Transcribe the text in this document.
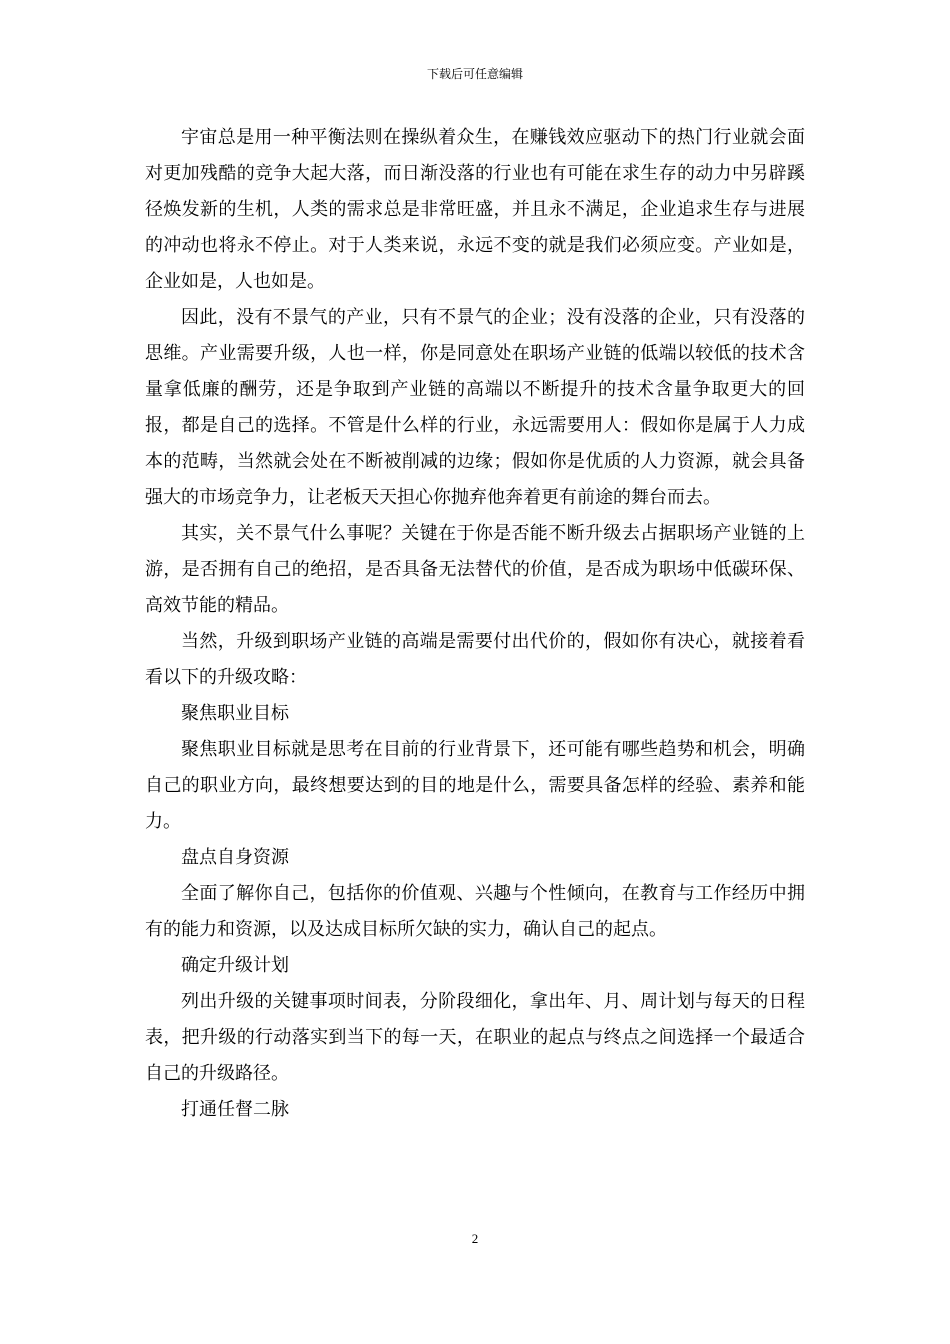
下载后可任意编辑

宇宙总是用一种平衡法则在操纵着众生，在赚钱效应驱动下的热门行业就会面对更加残酷的竞争大起大落，而日渐没落的行业也有可能在求生存的动力中另辟蹊径焕发新的生机，人类的需求总是非常旺盛，并且永不满足，企业追求生存与进展的冲动也将永不停止。对于人类来说，永远不变的就是我们必须应变。产业如是，企业如是，人也如是。

因此，没有不景气的产业，只有不景气的企业；没有没落的企业，只有没落的思维。产业需要升级，人也一样，你是同意处在职场产业链的低端以较低的技术含量拿低廉的酬劳，还是争取到产业链的高端以不断提升的技术含量争取更大的回报，都是自己的选择。不管是什么样的行业，永远需要用人：假如你是属于人力成本的范畴，当然就会处在不断被削减的边缘；假如你是优质的人力资源，就会具备强大的市场竞争力，让老板天天担心你抛弃他奔着更有前途的舞台而去。

其实，关不景气什么事呢？关键在于你是否能不断升级去占据职场产业链的上游，是否拥有自己的绝招，是否具备无法替代的价值，是否成为职场中低碳环保、高效节能的精品。

当然，升级到职场产业链的高端是需要付出代价的，假如你有决心，就接着看看以下的升级攻略：

聚焦职业目标

聚焦职业目标就是思考在目前的行业背景下，还可能有哪些趋势和机会，明确自己的职业方向，最终想要达到的目的地是什么，需要具备怎样的经验、素养和能力。

盘点自身资源

全面了解你自己，包括你的价值观、兴趣与个性倾向，在教育与工作经历中拥有的能力和资源，以及达成目标所欠缺的实力，确认自己的起点。

确定升级计划

列出升级的关键事项时间表，分阶段细化，拿出年、月、周计划与每天的日程表，把升级的行动落实到当下的每一天，在职业的起点与终点之间选择一个最适合自己的升级路径。

打通任督二脉

2
